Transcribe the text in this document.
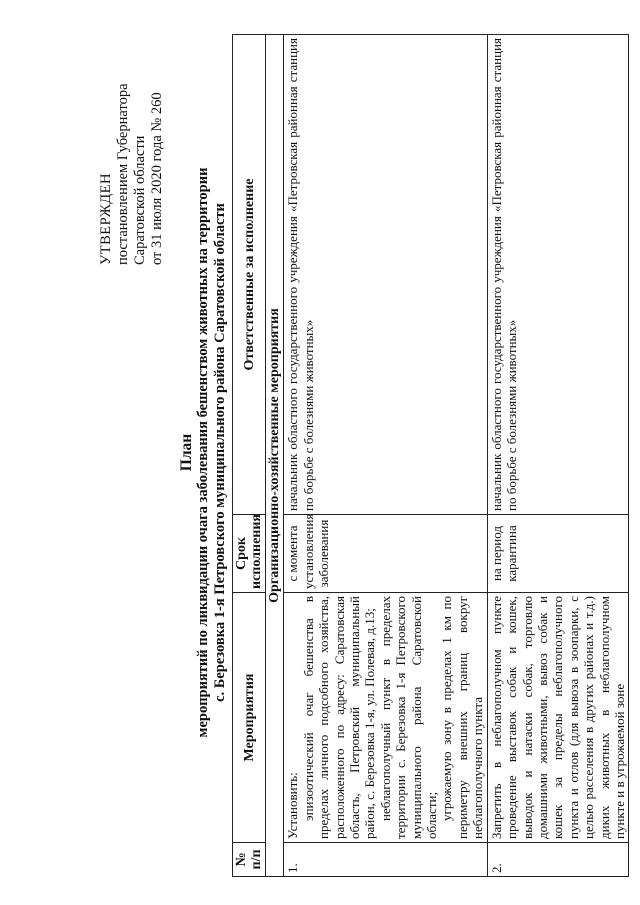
УТВЕРЖДЕН постановлением Губернатора Саратовской области от 31 июля 2020 года № 260
План мероприятий по ликвидации очага заболевания бешенством животных на территории с. Березовка 1-я Петровского муниципального района Саратовской области
№ п/п	Мероприятия	Срок исполнения	Ответственные за исполнение
Организационно-хозяйственные мероприятия			
1.	Установить: эпизоотический очаг бешенства в пределах личного подсобного хозяйства, расположенного по адресу: Саратовская область, Петровский муниципальный район, с. Березовка 1-я, ул. Полевая, д.13; неблагополучный пункт в пределах территории с. Березовка 1-я Петровского муниципального района Саратовской области; угрожаемую зону в пределах 1 км по периметру внешних границ вокруг неблагополучного пункта	с момента установления заболевания	начальник областного государственного учреждения «Петровская районная станция по борьбе с болезнями животных»
2.	Запретить в неблагополучном пункте проведение выставок собак и кошек, выводок и натаски собак, торговлю домашними животными, вывоз собак и кошек за пределы неблагополучного пункта и отлов (для вывоза в зоопарки, с целью расселения в других районах и т.д.) диких животных в неблагополучном пункте и в угрожаемой зоне	на период карантина	начальник областного государственного учреждения «Петровская районная станция по борьбе с болезнями животных»
